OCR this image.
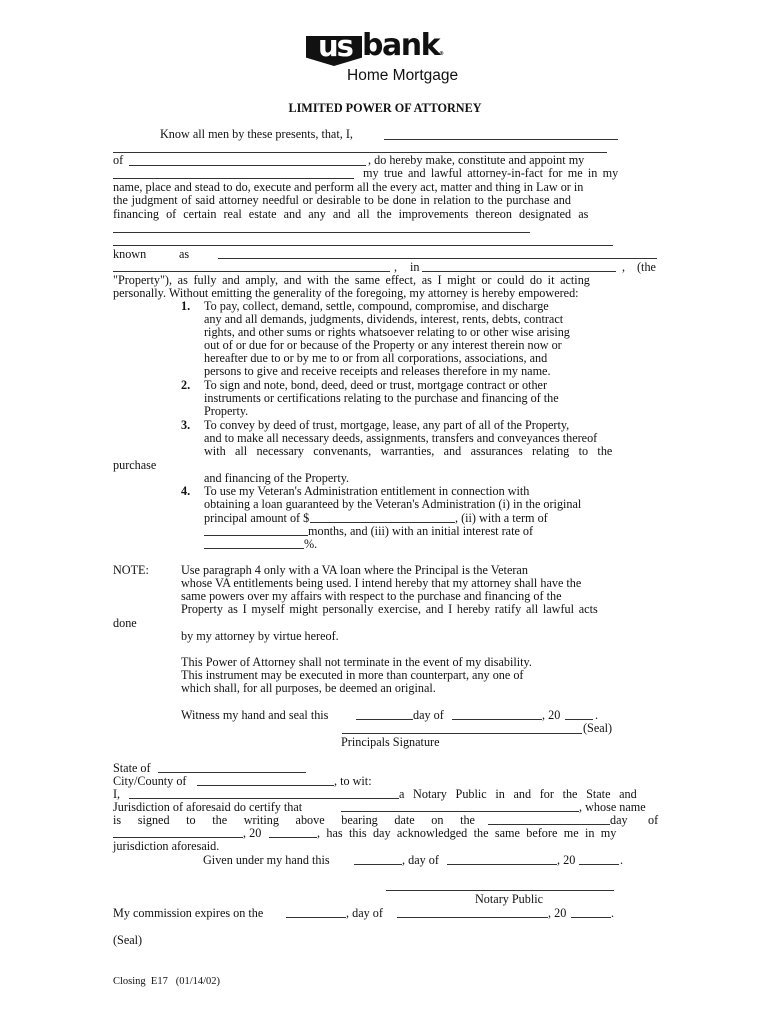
us bank®
Home Mortgage
LIMITED POWER OF ATTORNEY
Know all men by these presents, that, I,
of	, do hereby make, constitute and appoint my
my true and lawful attorney-in-fact for me in my
name, place and stead to do, execute and perform all the every act, matter and thing in Law or in
the judgment of said attorney needful or desirable to be done in relation to the purchase and
financing of certain real estate and any and all the improvements thereon designated as
known	as
, in	, (the
"Property"), as fully and amply, and with the same effect, as I might or could do it acting
personally. Without emitting the generality of the foregoing, my attorney is hereby empowered:
1. To pay, collect, demand, settle, compound, compromise, and discharge
any and all demands, judgments, dividends, interest, rents, debts, contract
rights, and other sums or rights whatsoever relating to or other wise arising
out of or due for or because of the Property or any interest therein now or
hereafter due to or by me to or from all corporations, associations, and
persons to give and receive receipts and releases therefore in my name.
2. To sign and note, bond, deed, deed or trust, mortgage contract or other
instruments or certifications relating to the purchase and financing of the
Property.
3. To convey by deed of trust, mortgage, lease, any part of all of the Property,
and to make all necessary deeds, assignments, transfers and conveyances thereof
with all necessary convenants, warranties, and assurances relating to the
purchase
and financing of the Property.
4. To use my Veteran's Administration entitlement in connection with
obtaining a loan guaranteed by the Veteran's Administration (i) in the original
principal amount of $	, (ii) with a term of
months, and (iii) with an initial interest rate of
%.
NOTE:	Use paragraph 4 only with a VA loan where the Principal is the Veteran
whose VA entitlements being used. I intend hereby that my attorney shall have the
same powers over my affairs with respect to the purchase and financing of the
Property as I myself might personally exercise, and I hereby ratify all lawful acts
done
by my attorney by virtue hereof.
This Power of Attorney shall not terminate in the event of my disability.
This instrument may be executed in more than counterpart, any one of
which shall, for all purposes, be deemed an original.
Witness my hand and seal this	day of	, 20	.
(Seal)
Principals Signature
State of
City/County of	, to wit:
I,	a Notary Public in and for the State and
Jurisdiction of aforesaid do certify that	, whose name
is signed to the writing above bearing date on the	day of
, 20	, has this day acknowledged the same before me in my
jurisdiction aforesaid.
Given under my hand this	, day of	, 20	.
Notary Public
My commission expires on the	, day of	, 20	.
(Seal)
Closing  E17   (01/14/02)
